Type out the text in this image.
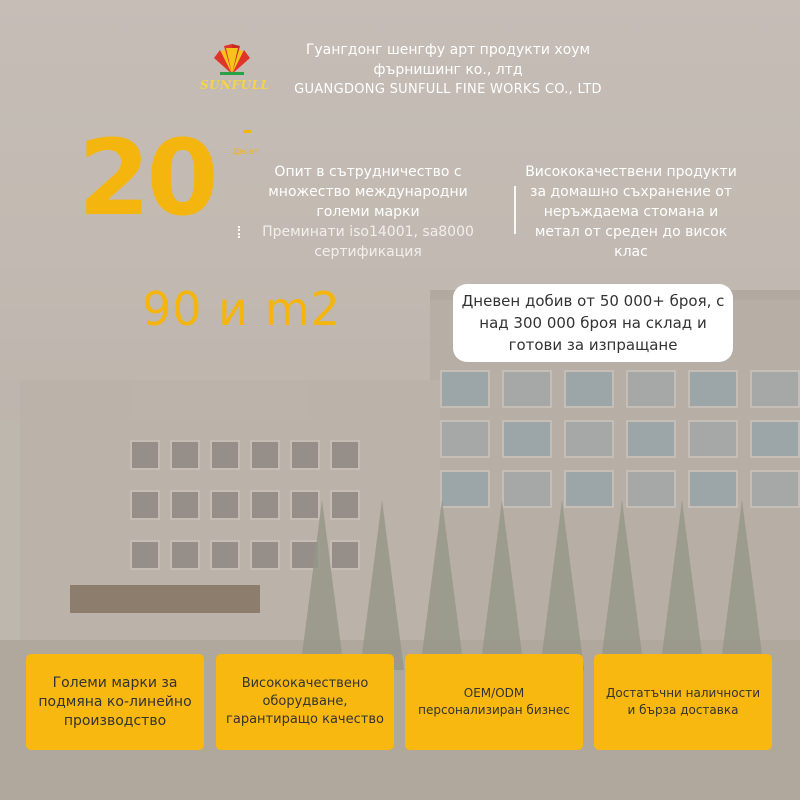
SUNFULL
Гуангдонг шенгфу арт продукти хоум
фърнишинг ко., лтд
GUANGDONG SUNFULL FINE WORKS CO., LTD
20 Десет
Опит в сътрудничество с множество международни големи марки
Преминати iso14001, sa8000 сертификация
Висококачествени продукти за домашно съхранение от неръждаема стомана и метал от среден до висок клас
90 и m2	Дневен добив от 50 000+ броя, с над 300 000 броя на склад и готови за изпращане
Големи марки за подмяна ко-линейно производство
Висококачествено оборудване, гарантиращо качество
OEM/ODM персонализиран бизнес
Достатъчни наличности и бърза доставка
